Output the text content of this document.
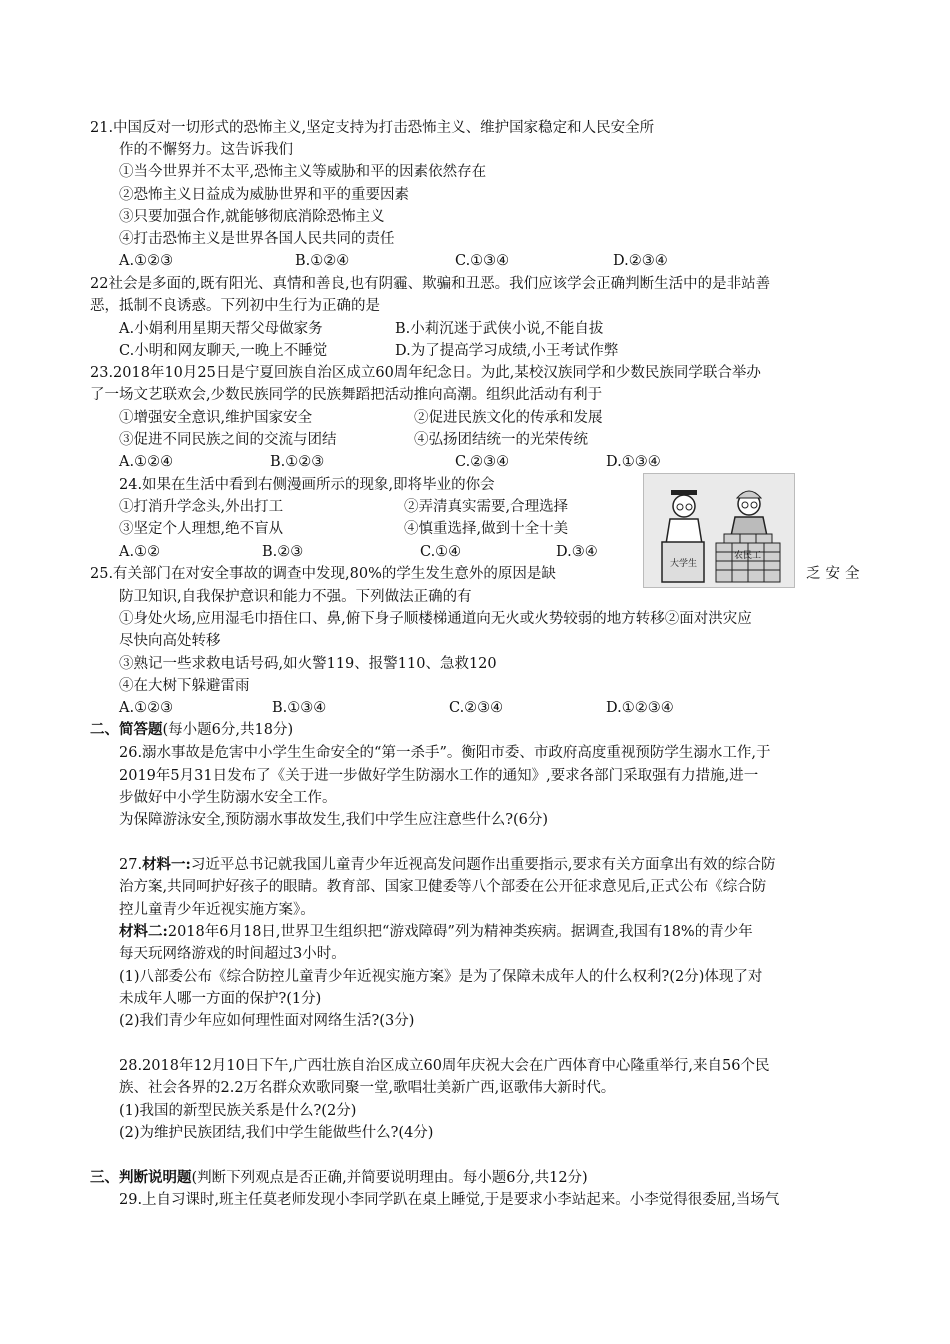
21.中国反对一切形式的恐怖主义,坚定支持为打击恐怖主义、维护国家稳定和人民安全所
作的不懈努力。这告诉我们
①当今世界并不太平,恐怖主义等威胁和平的因素依然存在
②恐怖主义日益成为威胁世界和平的重要因素
③只要加强合作,就能够彻底消除恐怖主义
④打击恐怖主义是世界各国人民共同的责任
A.①②③	B.①②④	C.①③④	D.②③④
22社会是多面的,既有阳光、真情和善良,也有阴霾、欺骗和丑恶。我们应该学会正确判断生活中的是非站善
恶，抵制不良诱惑。下列初中生行为正确的是
A.小娟利用星期天帮父母做家务	B.小莉沉迷于武侠小说,不能自拔
C.小明和网友聊天,一晚上不睡觉	D.为了提高学习成绩,小王考试作弊
23.2018年10月25日是宁夏回族自治区成立60周年纪念日。为此,某校汉族同学和少数民族同学联合举办
了一场文艺联欢会,少数民族同学的民族舞蹈把活动推向高潮。组织此活动有利于
①增强安全意识,维护国家安全	②促进民族文化的传承和发展
③促进不同民族之间的交流与团结	④弘扬团结统一的光荣传统
A.①②④	B.①②③	C.②③④	D.①③④
24.如果在生活中看到右侧漫画所示的现象,即将毕业的你会
①打消升学念头,外出打工	②弄清真实需要,合理选择
③坚定个人理想,绝不盲从	④慎重选择,做到十全十美
A.①②	B.②③	C.①④	D.③④
大学生
农民工
25.有关部门在对安全事故的调查中发现,80%的学生发生意外的原因是缺	乏安全
防卫知识,自我保护意识和能力不强。下列做法正确的有
①身处火场,应用湿毛巾捂住口、鼻,俯下身子顺楼梯通道向无火或火势较弱的地方转移②面对洪灾应
尽快向高处转移
③熟记一些求救电话号码,如火警119、报警110、急救120
④在大树下躲避雷雨
A.①②③	B.①③④	C.②③④	D.①②③④
二、简答题(每小题6分,共18分)
26.溺水事故是危害中小学生生命安全的“第一杀手”。衡阳市委、市政府高度重视预防学生溺水工作,于
2019年5月31日发布了《关于进一步做好学生防溺水工作的通知》,要求各部门采取强有力措施,进一
步做好中小学生防溺水安全工作。
为保障游泳安全,预防溺水事故发生,我们中学生应注意些什么?(6分)
27.材料一:习近平总书记就我国儿童青少年近视高发问题作出重要指示,要求有关方面拿出有效的综合防
治方案,共同呵护好孩子的眼睛。教育部、国家卫健委等八个部委在公开征求意见后,正式公布《综合防
控儿童青少年近视实施方案》。
材料二:2018年6月18日,世界卫生组织把“游戏障碍”列为精神类疾病。据调查,我国有18%的青少年
每天玩网络游戏的时间超过3小时。
(1)八部委公布《综合防控儿童青少年近视实施方案》是为了保障未成年人的什么权利?(2分)体现了对
未成年人哪一方面的保护?(1分)
(2)我们青少年应如何理性面对网络生活?(3分)
28.2018年12月10日下午,广西壮族自治区成立60周年庆祝大会在广西体育中心隆重举行,来自56个民
族、社会各界的2.2万名群众欢歌同聚一堂,歌唱壮美新广西,讴歌伟大新时代。
(1)我国的新型民族关系是什么?(2分)
(2)为维护民族团结,我们中学生能做些什么?(4分)
三、判断说明题(判断下列观点是否正确,并简要说明理由。每小题6分,共12分)
29.上自习课时,班主任莫老师发现小李同学趴在桌上睡觉,于是要求小李站起来。小李觉得很委屈,当场气
